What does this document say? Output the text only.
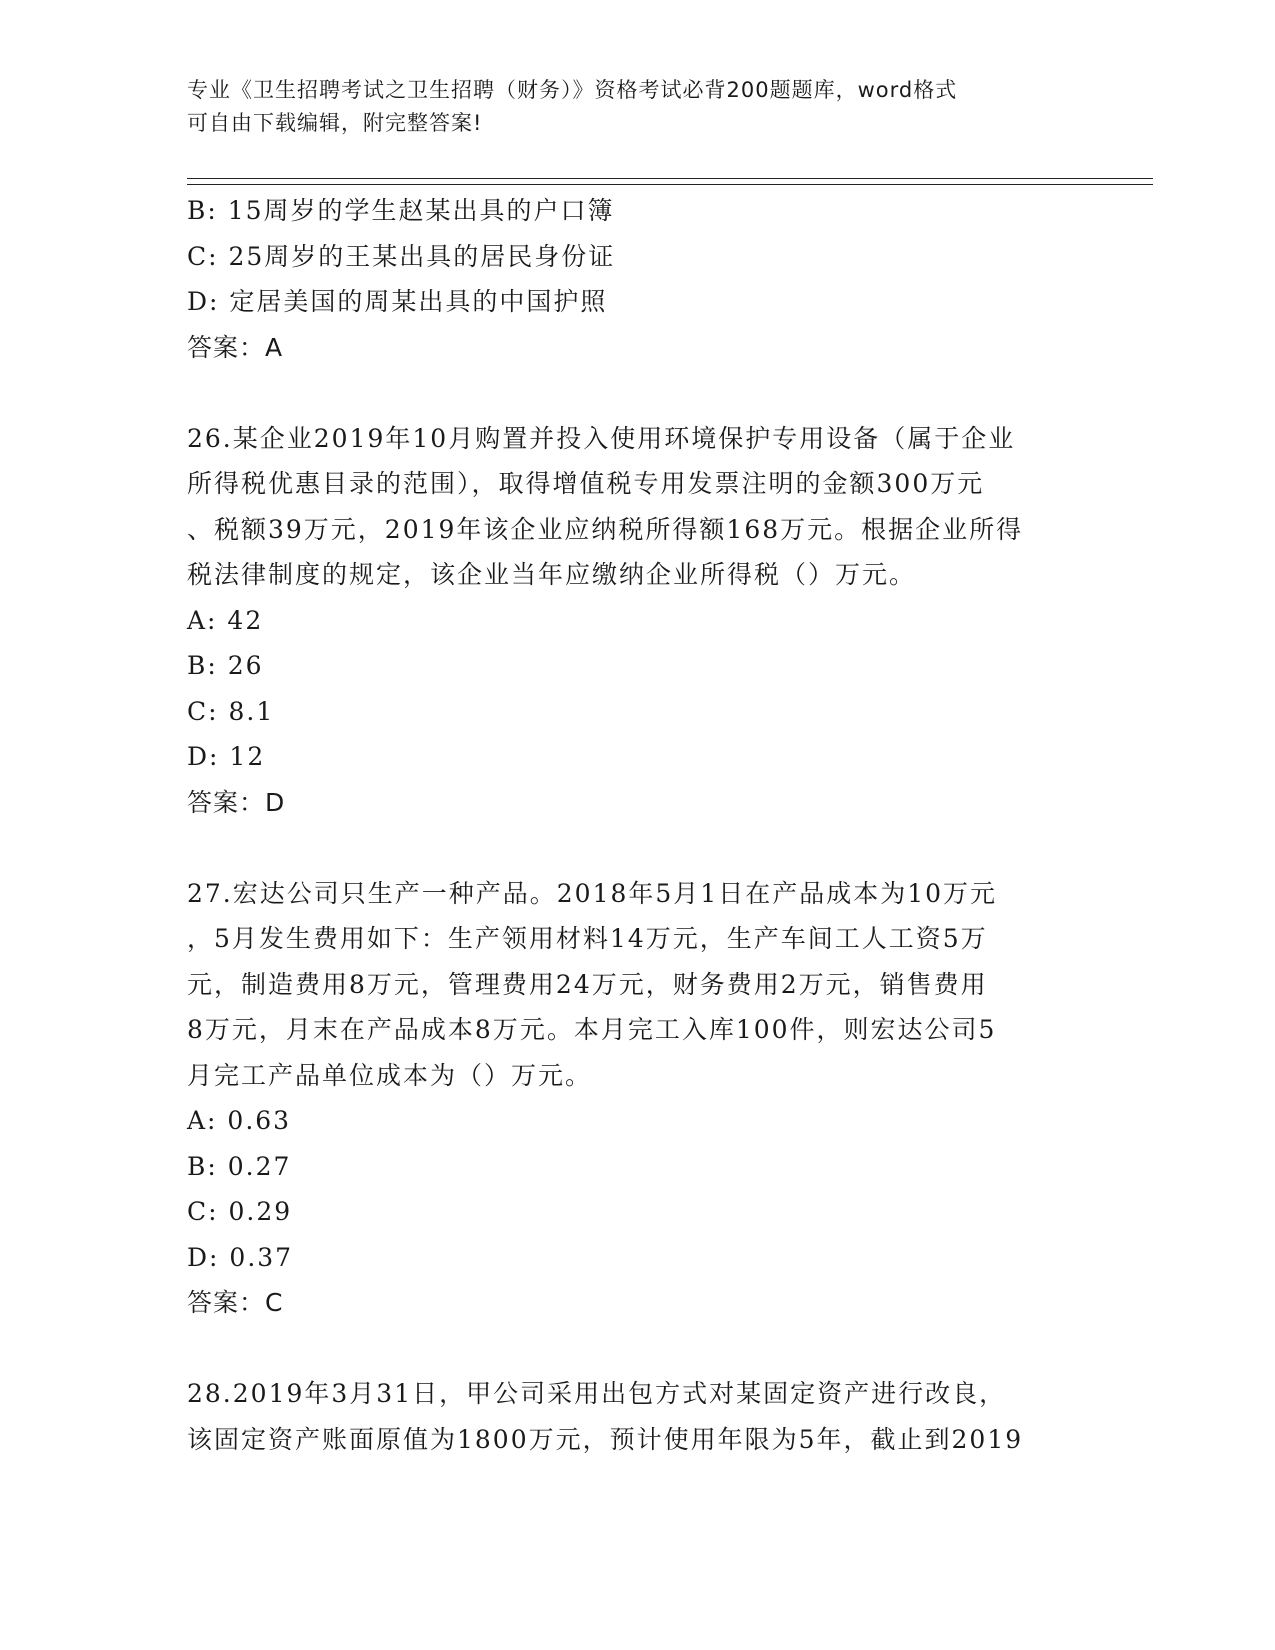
专业《卫生招聘考试之卫生招聘（财务）》资格考试必背200题题库，word格式
可自由下载编辑，附完整答案!
B: 15周岁的学生赵某出具的户口簿
C: 25周岁的王某出具的居民身份证
D: 定居美国的周某出具的中国护照
答案：A
26.某企业2019年10月购置并投入使用环境保护专用设备（属于企业
所得税优惠目录的范围），取得增值税专用发票注明的金额300万元
、税额39万元，2019年该企业应纳税所得额168万元。根据企业所得
税法律制度的规定，该企业当年应缴纳企业所得税（）万元。
A: 42
B: 26
C: 8.1
D: 12
答案：D
27.宏达公司只生产一种产品。2018年5月1日在产品成本为10万元
，5月发生费用如下：生产领用材料14万元，生产车间工人工资5万
元，制造费用8万元，管理费用24万元，财务费用2万元，销售费用
8万元，月末在产品成本8万元。本月完工入库100件，则宏达公司5
月完工产品单位成本为（）万元。
A: 0.63
B: 0.27
C: 0.29
D: 0.37
答案：C
28.2019年3月31日，甲公司采用出包方式对某固定资产进行改良，
该固定资产账面原值为1800万元，预计使用年限为5年，截止到2019
